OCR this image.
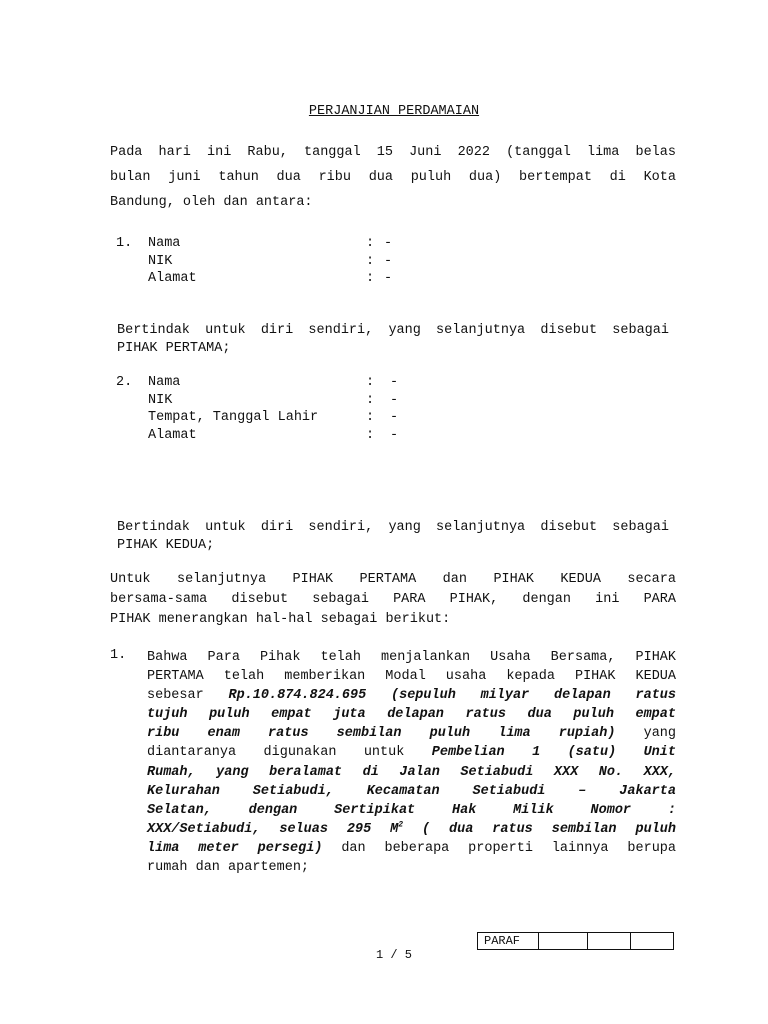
PERJANJIAN PERDAMAIAN
Pada hari ini Rabu, tanggal 15 Juni 2022 (tanggal lima belas
bulan juni tahun dua ribu dua puluh dua) bertempat di Kota
Bandung, oleh dan antara:
1. Nama	: -
NIK	: -
Alamat	: -
Bertindak untuk diri sendiri, yang selanjutnya disebut sebagai
PIHAK PERTAMA;
2. Nama	: -
NIK	: -
Tempat, Tanggal Lahir	: -
Alamat	: -
Bertindak untuk diri sendiri, yang selanjutnya disebut sebagai
PIHAK KEDUA;
Untuk selanjutnya PIHAK PERTAMA dan PIHAK KEDUA secara
bersama-sama disebut sebagai PARA PIHAK, dengan ini PARA
PIHAK menerangkan hal-hal sebagai berikut:
1. Bahwa Para Pihak telah menjalankan Usaha Bersama, PIHAK
PERTAMA telah memberikan Modal usaha kepada PIHAK KEDUA
sebesar Rp.10.874.824.695 (sepuluh milyar delapan ratus
tujuh puluh empat juta delapan ratus dua puluh empat
ribu enam ratus sembilan puluh lima rupiah) yang
diantaranya digunakan untuk Pembelian 1 (satu) Unit
Rumah, yang beralamat di Jalan Setiabudi XXX No. XXX,
Kelurahan Setiabudi, Kecamatan Setiabudi – Jakarta
Selatan, dengan Sertipikat Hak Milik Nomor :
XXX/Setiabudi, seluas 295 $M^2$ ( dua ratus sembilan puluh
lima meter persegi) dan beberapa properti lainnya berupa
rumah dan apartemen;
PARAF
1 / 5
